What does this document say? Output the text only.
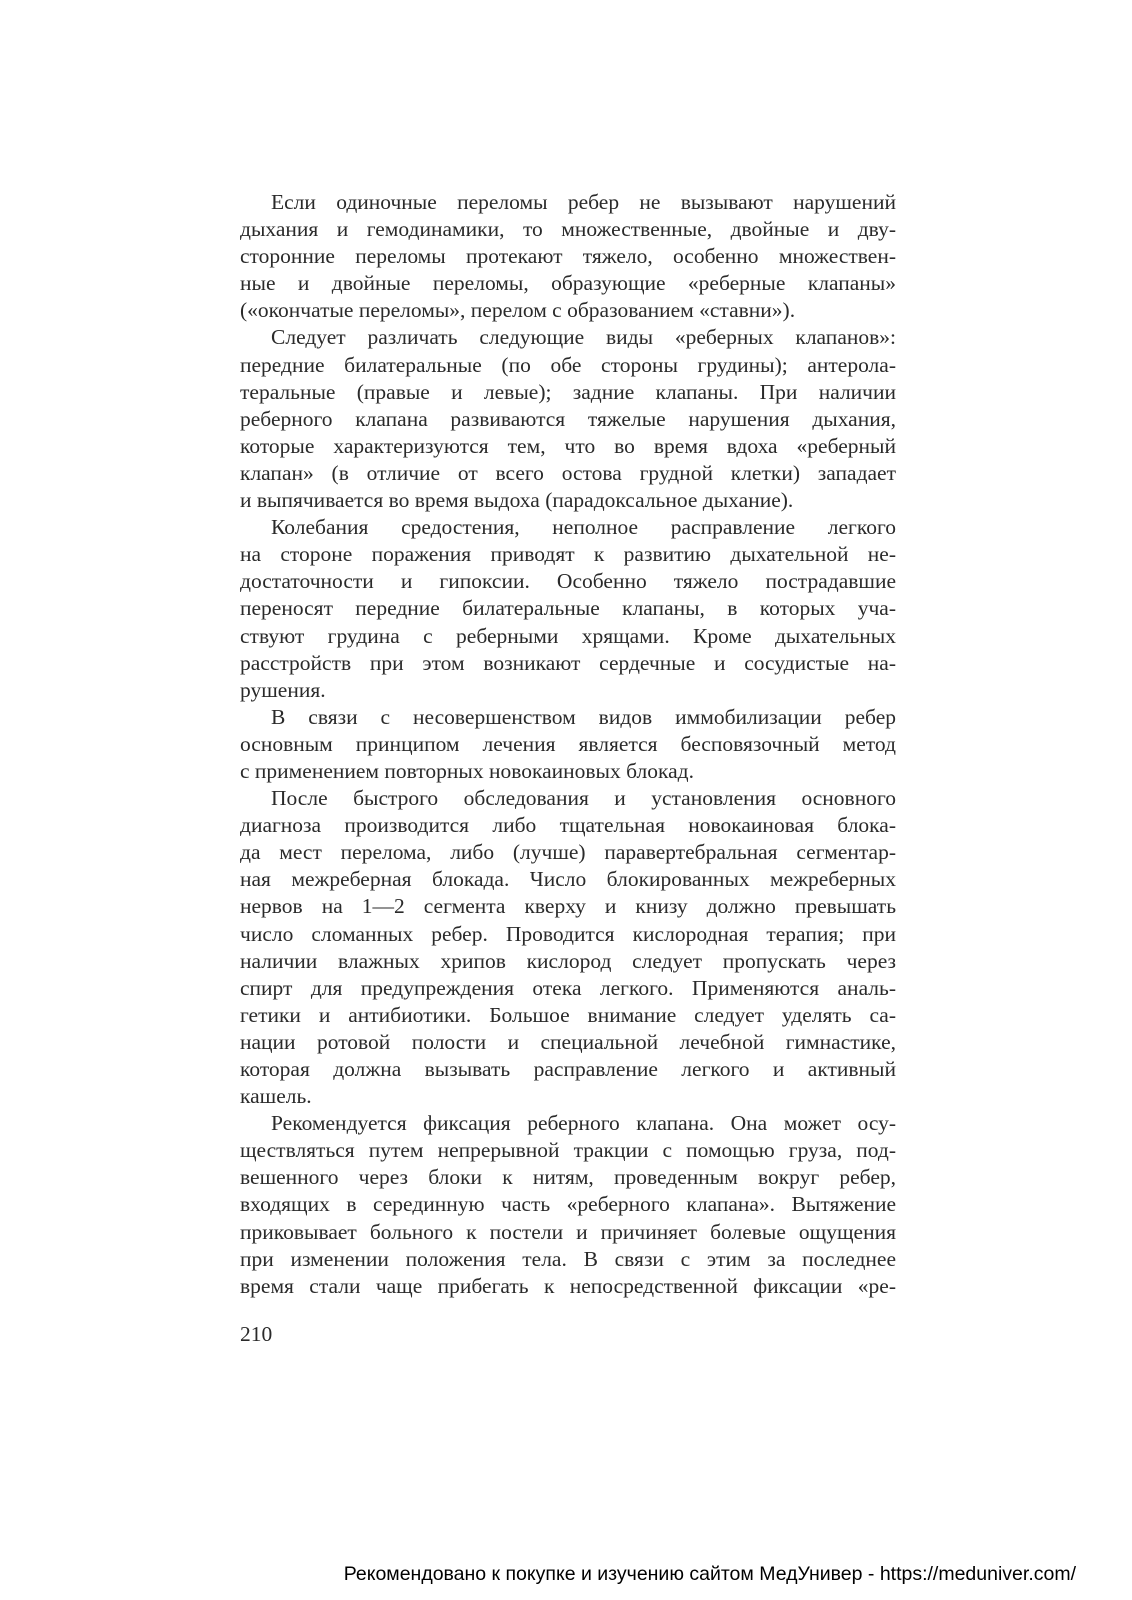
Если одиночные переломы ребер не вызывают нарушений
дыхания и гемодинамики, то множественные, двойные и дву-
сторонние переломы протекают тяжело, особенно множествен-
ные и двойные переломы, образующие «реберные клапаны»
(«окончатые переломы», перелом с образованием «ставни»).
Следует различать следующие виды «реберных клапанов»:
передние билатеральные (по обе стороны грудины); антерола-
теральные (правые и левые); задние клапаны. При наличии
реберного клапана развиваются тяжелые нарушения дыхания,
которые характеризуются тем, что во время вдоха «реберный
клапан» (в отличие от всего остова грудной клетки) западает
и выпячивается во время выдоха (парадоксальное дыхание).
Колебания средостения, неполное расправление легкого
на стороне поражения приводят к развитию дыхательной не-
достаточности и гипоксии. Особенно тяжело пострадавшие
переносят передние билатеральные клапаны, в которых уча-
ствуют грудина с реберными хрящами. Кроме дыхательных
расстройств при этом возникают сердечные и сосудистые на-
рушения.
В связи с несовершенством видов иммобилизации ребер
основным принципом лечения является бесповязочный метод
с применением повторных новокаиновых блокад.
После быстрого обследования и установления основного
диагноза производится либо тщательная новокаиновая блока-
да мест перелома, либо (лучше) паравертебральная сегментар-
ная межреберная блокада. Число блокированных межреберных
нервов на 1—2 сегмента кверху и книзу должно превышать
число сломанных ребер. Проводится кислородная терапия; при
наличии влажных хрипов кислород следует пропускать через
спирт для предупреждения отека легкого. Применяются аналь-
гетики и антибиотики. Большое внимание следует уделять са-
нации ротовой полости и специальной лечебной гимнастике,
которая должна вызывать расправление легкого и активный
кашель.
Рекомендуется фиксация реберного клапана. Она может осу-
ществляться путем непрерывной тракции с помощью груза, под-
вешенного через блоки к нитям, проведенным вокруг ребер,
входящих в серединную часть «реберного клапана». Вытяжение
приковывает больного к постели и причиняет болевые ощущения
при изменении положения тела. В связи с этим за последнее
время стали чаще прибегать к непосредственной фиксации «ре-
210
Рекомендовано к покупке и изучению сайтом МедУнивер - https://meduniver.com/
